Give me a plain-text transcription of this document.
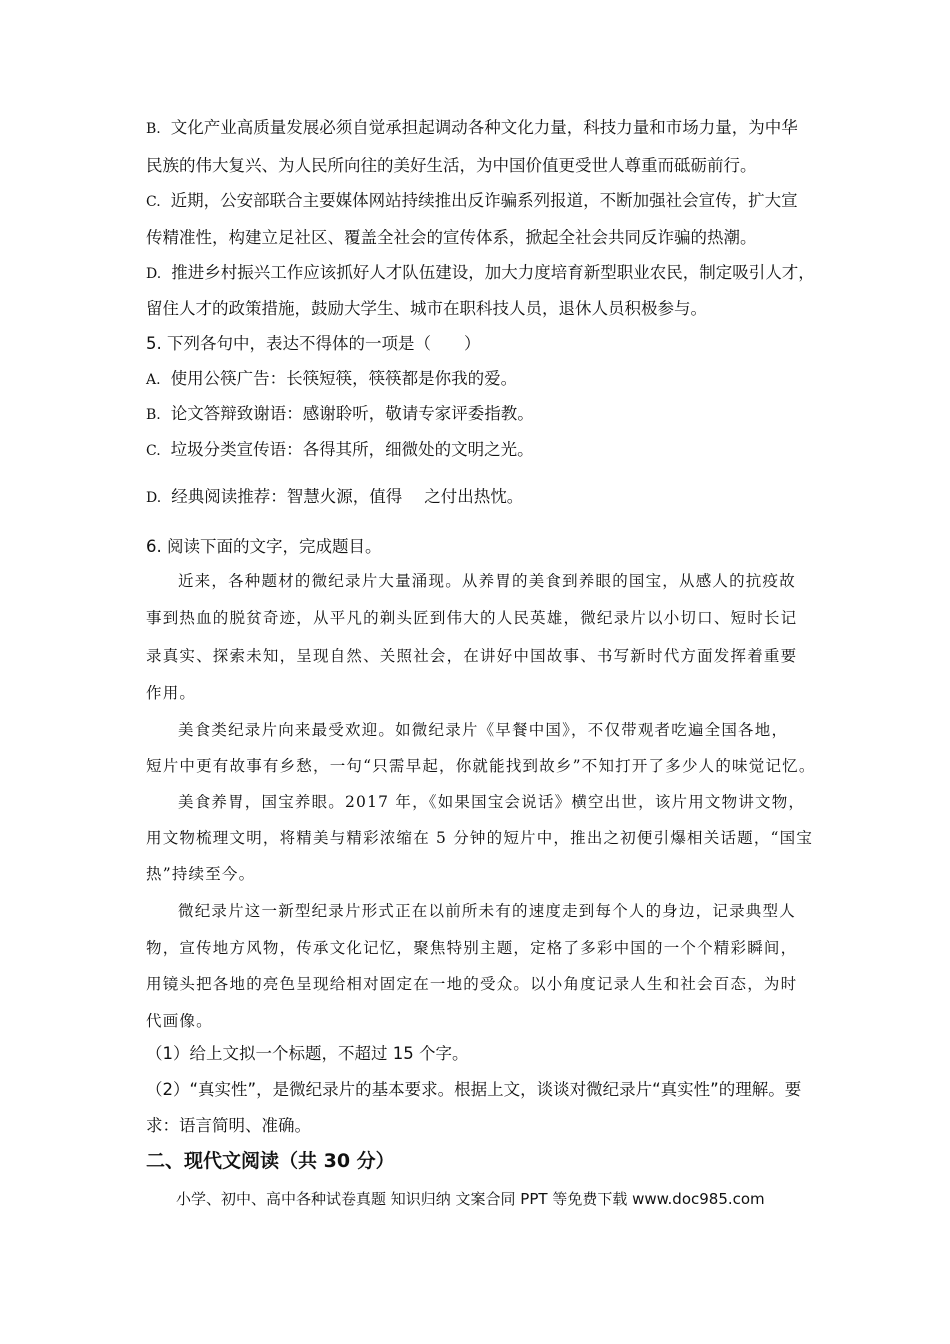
B. 文化产业高质量发展必须自觉承担起调动各种文化力量，科技力量和市场力量，为中华
民族的伟大复兴、为人民所向往的美好生活，为中国价值更受世人尊重而砥砺前行。
C. 近期，公安部联合主要媒体网站持续推出反诈骗系列报道，不断加强社会宣传，扩大宣
传精准性，构建立足社区、覆盖全社会的宣传体系，掀起全社会共同反诈骗的热潮。
D. 推进乡村振兴工作应该抓好人才队伍建设，加大力度培育新型职业农民，制定吸引人才，
留住人才的政策措施，鼓励大学生、城市在职科技人员，退休人员积极参与。
5. 下列各句中，表达不得体的一项是（　　）
A. 使用公筷广告：长筷短筷，筷筷都是你我的爱。
B. 论文答辩致谢语：感谢聆听，敬请专家评委指教。
C. 垃圾分类宣传语：各得其所，细微处的文明之光。
D. 经典阅读推荐：智慧火源，值得 之付出热忱。
6. 阅读下面的文字，完成题目。
近来，各种题材的微纪录片大量涌现。从养胃的美食到养眼的国宝，从感人的抗疫故
事到热血的脱贫奇迹，从平凡的剃头匠到伟大的人民英雄，微纪录片以小切口、短时长记
录真实、探索未知，呈现自然、关照社会，在讲好中国故事、书写新时代方面发挥着重要
作用。
美食类纪录片向来最受欢迎。如微纪录片《早餐中国》，不仅带观者吃遍全国各地，
短片中更有故事有乡愁，一句“只需早起，你就能找到故乡”不知打开了多少人的味觉记忆。
美食养胃，国宝养眼。2017 年，《如果国宝会说话》横空出世，该片用文物讲文物，
用文物梳理文明，将精美与精彩浓缩在 5 分钟的短片中，推出之初便引爆相关话题，“国宝
热”持续至今。
微纪录片这一新型纪录片形式正在以前所未有的速度走到每个人的身边，记录典型人
物，宣传地方风物，传承文化记忆，聚焦特别主题，定格了多彩中国的一个个精彩瞬间，
用镜头把各地的亮色呈现给相对固定在一地的受众。以小角度记录人生和社会百态，为时
代画像。
（1）给上文拟一个标题，不超过 15 个字。
（2）“真实性”，是微纪录片的基本要求。根据上文，谈谈对微纪录片“真实性”的理解。要
求：语言简明、准确。
二、现代文阅读（共 30 分）
小学、初中、高中各种试卷真题 知识归纳 文案合同 PPT 等免费下载 www.doc985.com
